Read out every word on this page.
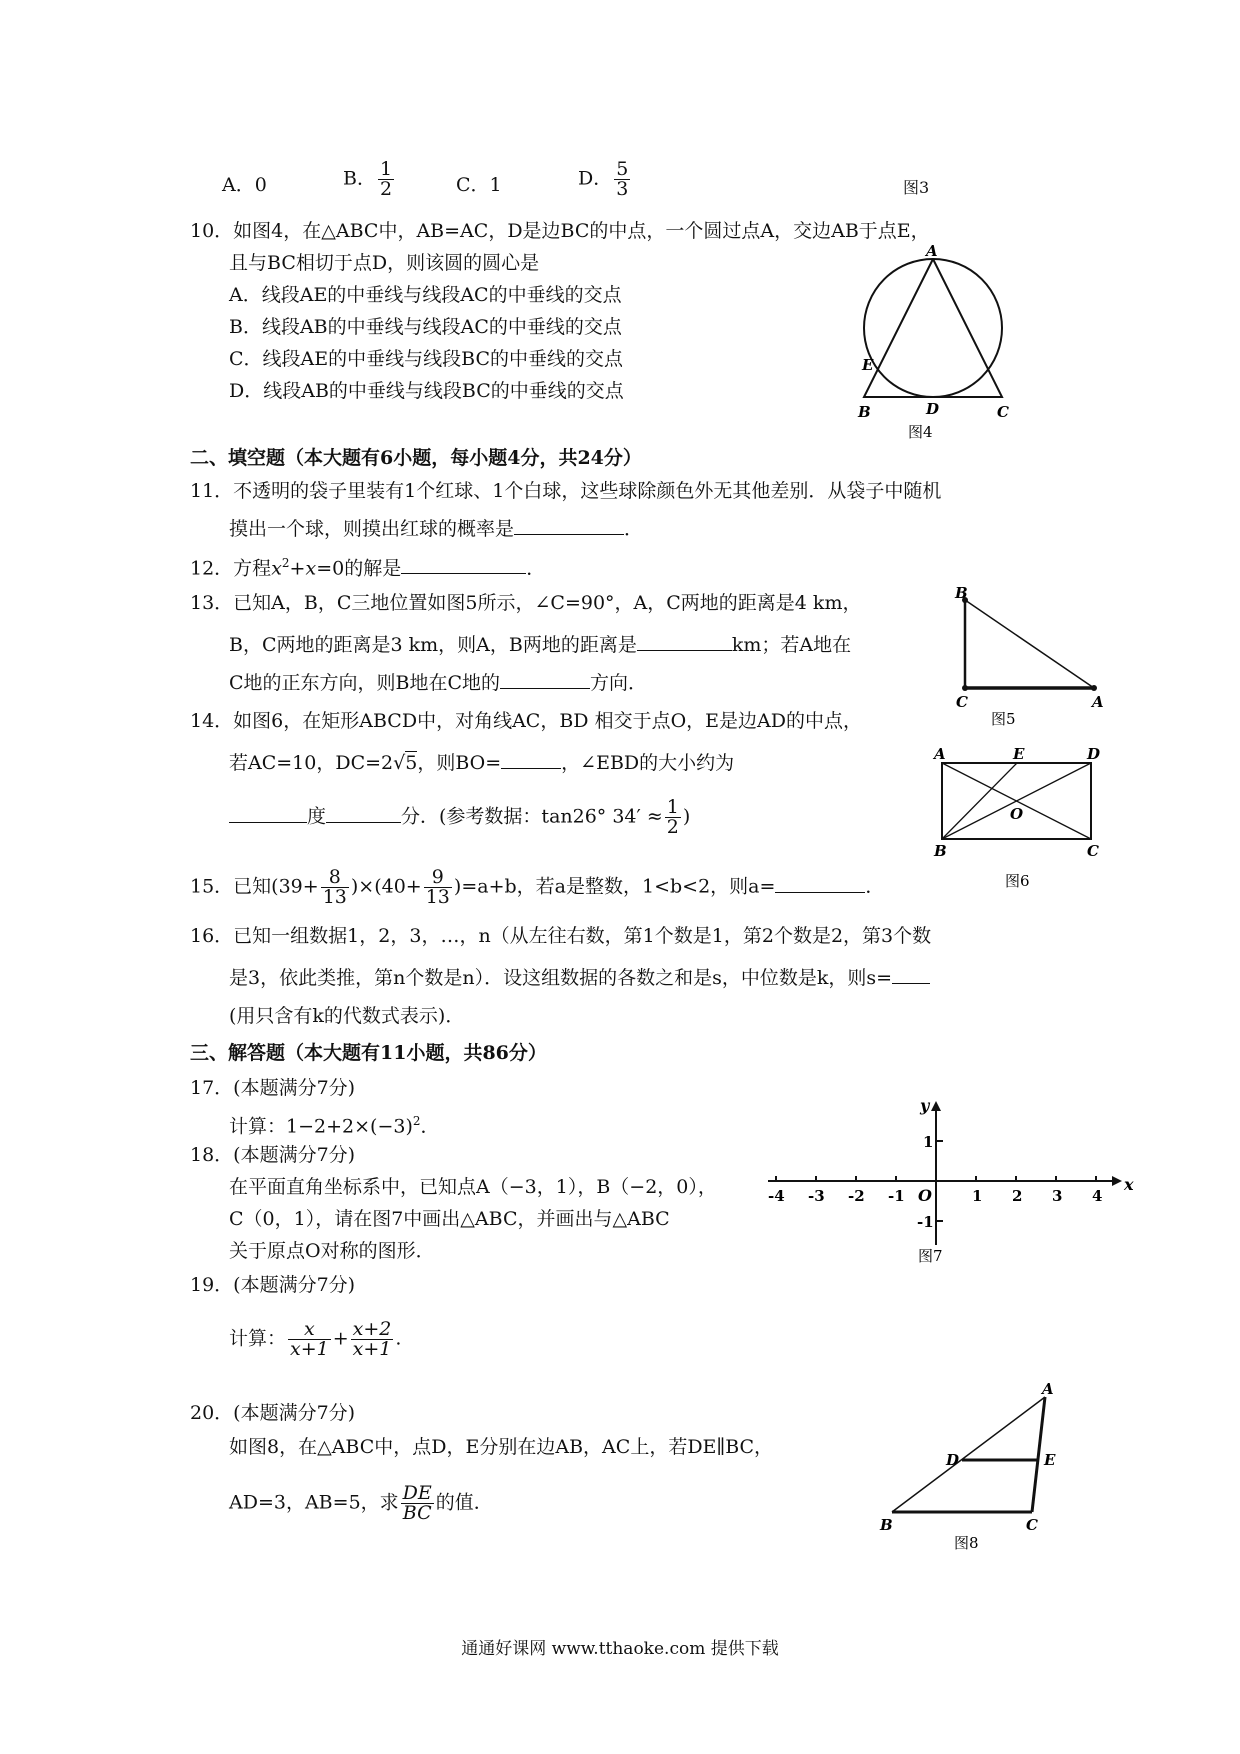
A．0	B． $\frac{1}{2}$	C．1	D． $\frac{5}{3}$	图3
10．如图4，在△ABC中，AB=AC，D是边BC的中点，一个圆过点A，交边AB于点E，
且与BC相切于点D，则该圆的圆心是
A．线段AE的中垂线与线段AC的中垂线的交点
B．线段AB的中垂线与线段AC的中垂线的交点
C．线段AE的中垂线与线段BC的中垂线的交点
D．线段AB的中垂线与线段BC的中垂线的交点
A
E
B	D	C
图4
二、填空题（本大题有6小题，每小题4分，共24分）
11．不透明的袋子里装有1个红球、1个白球，这些球除颜色外无其他差别．从袋子中随机
摸出一个球，则摸出红球的概率是	．
12．方程$x^2+x=0$的解是	．
13．已知A，B，C三地位置如图5所示，∠C=90°，A，C两地的距离是4 km，
B，C两地的距离是3 km，则A，B两地的距离是	km；若A地在
C地的正东方向，则B地在C地的	方向．
B
C	A
图5
14．如图6，在矩形ABCD中，对角线AC，BD 相交于点O，E是边AD的中点，
若AC=10，DC=2√5，则BO=	，∠EBD的大小约为
度	分．(参考数据：tan26° $34' \approx \frac{1}{2}$ )
A	E	D
O
B	C
图6
15．已知$(39+ \frac{8}{13} )\times(40+ \frac{9}{13} )=a+b$，若a是整数，1<b<2，则a=	．
16．已知一组数据1，2，3，…，n（从左往右数，第1个数是1，第2个数是2，第3个数
是3，依此类推，第n个数是n）．设这组数据的各数之和是s，中位数是k，则s=
(用只含有k的代数式表示)．
三、解答题（本大题有11小题，共86分）
17．(本题满分7分)
计算：$1-2+2\times(-3)^2$．
18．(本题满分7分)
在平面直角坐标系中，已知点A（−3，1），B（−2，0），
C（0，1），请在图7中画出△ABC，并画出与△ABC
关于原点O对称的图形．
x
y
O
-4 -3 -2 -1	1 2 3 4
1
-1
图7
19．(本题满分7分)
计算： $\frac{x}{x+1} + \frac{x+2}{x+1}$ .
20．(本题满分7分)
如图8，在△ABC中，点D，E分别在边AB，AC上，若DE∥BC，
AD=3，AB=5，求 $\frac{DE}{BC}$ 的值．
A
D	E
B	C
图8
通通好课网 www.tthaoke.com 提供下载
